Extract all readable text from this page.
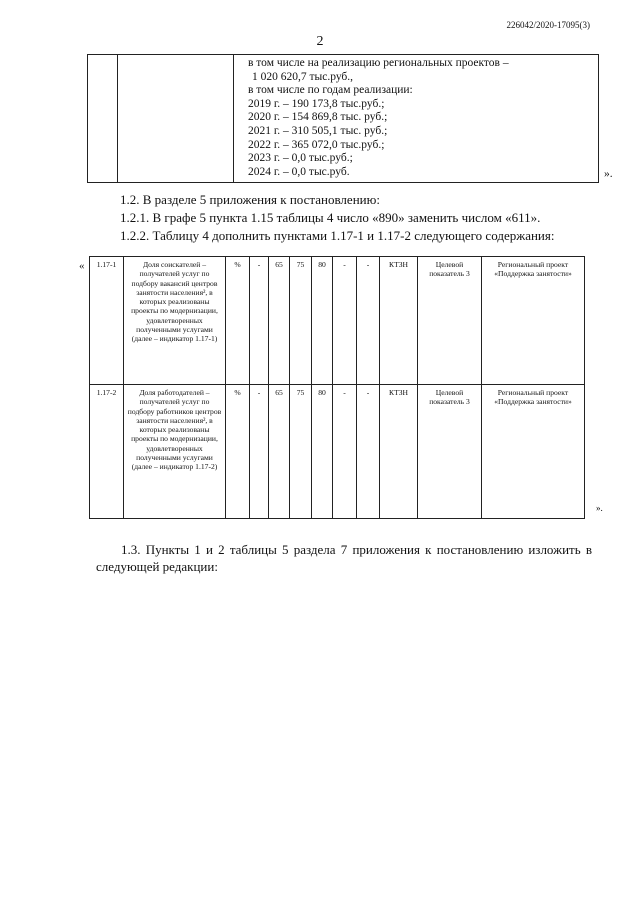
226042/2020-17095(3)
2
в том числе на реализацию региональных проектов –
1 020 620,7 тыс.руб.,
в том числе по годам реализации:
2019 г. – 190 173,8 тыс.руб.;
2020 г. – 154 869,8 тыс. руб.;
2021 г. – 310 505,1 тыс. руб.;
2022 г. – 365 072,0 тыс.руб.;
2023 г. – 0,0 тыс.руб.;
2024 г. – 0,0 тыс.руб.	».
1.2. В разделе 5 приложения к постановлению:
1.2.1. В графе 5 пункта 1.15 таблицы 4 число «890» заменить числом «611».
1.2.2. Таблицу 4 дополнить пунктами 1.17-1 и 1.17-2 следующего содержания:
« 1.17-1	Доля соискателей – получателей услуг по подбору вакансий центров занятости населения², в которых реализованы проекты по модернизации, удовлетворенных полученными услугами (далее – индикатор 1.17-1)	%	-	65	75	80	-	-	КТЗН	Целевой показатель 3	Региональный проект «Поддержка занятости»
1.17-2	Доля работодателей – получателей услуг по подбору работников центров занятости населения², в которых реализованы проекты по модернизации, удовлетворенных полученными услугами (далее – индикатор 1.17-2)	%	-	65	75	80	-	-	КТЗН	Целевой показатель 3	Региональный проект «Поддержка занятости»
».
1.3. Пункты 1 и 2 таблицы 5 раздела 7 приложения к постановлению изложить в следующей редакции:
